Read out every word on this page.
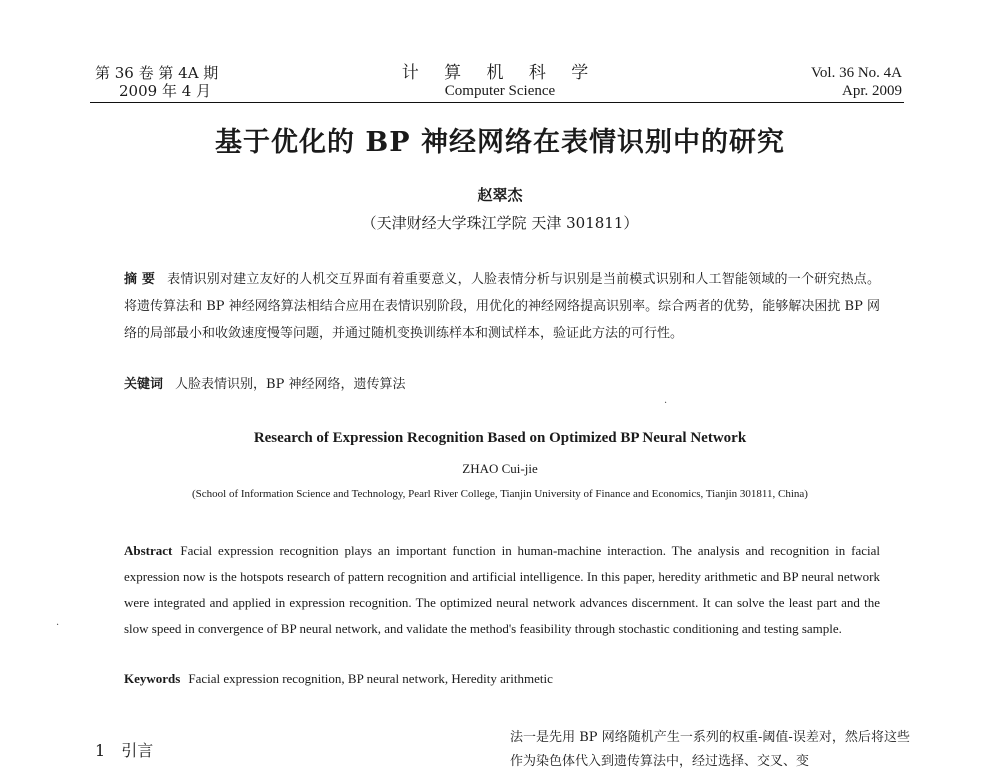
第 36 卷 第 4A 期
2009 年 4 月
计 算 机 科 学
Computer Science
Vol. 36 No. 4A
Apr. 2009
基于优化的 BP 神经网络在表情识别中的研究
赵翠杰
（天津财经大学珠江学院 天津 301811）
摘 要 表情识别对建立友好的人机交互界面有着重要意义，人脸表情分析与识别是当前模式识别和人工智能领域的一个研究热点。将遗传算法和 BP 神经网络算法相结合应用在表情识别阶段，用优化的神经网络提高识别率。综合两者的优势，能够解决困扰 BP 网络的局部最小和收敛速度慢等问题，并通过随机变换训练样本和测试样本，验证此方法的可行性。
关键词 人脸表情识别，BP 神经网络，遗传算法
·
·
Research of Expression Recognition Based on Optimized BP Neural Network
ZHAO Cui-jie
(School of Information Science and Technology, Pearl River College, Tianjin University of Finance and Economics, Tianjin 301811, China)
Abstract Facial expression recognition plays an important function in human-machine interaction. The analysis and recognition in facial expression now is the hotspots research of pattern recognition and artificial intelligence. In this paper, heredity arithmetic and BP neural network were integrated and applied in expression recognition. The optimized neural network advances discernment. It can solve the least part and the slow speed in convergence of BP neural network, and validate the method's feasibility through stochastic conditioning and testing sample.
Keywords Facial expression recognition, BP neural network, Heredity arithmetic
1 引言
法一是先用 BP 网络随机产生一系列的权重-阈值-误差对，然后将这些作为染色体代入到遗传算法中，经过选择、交叉、变
